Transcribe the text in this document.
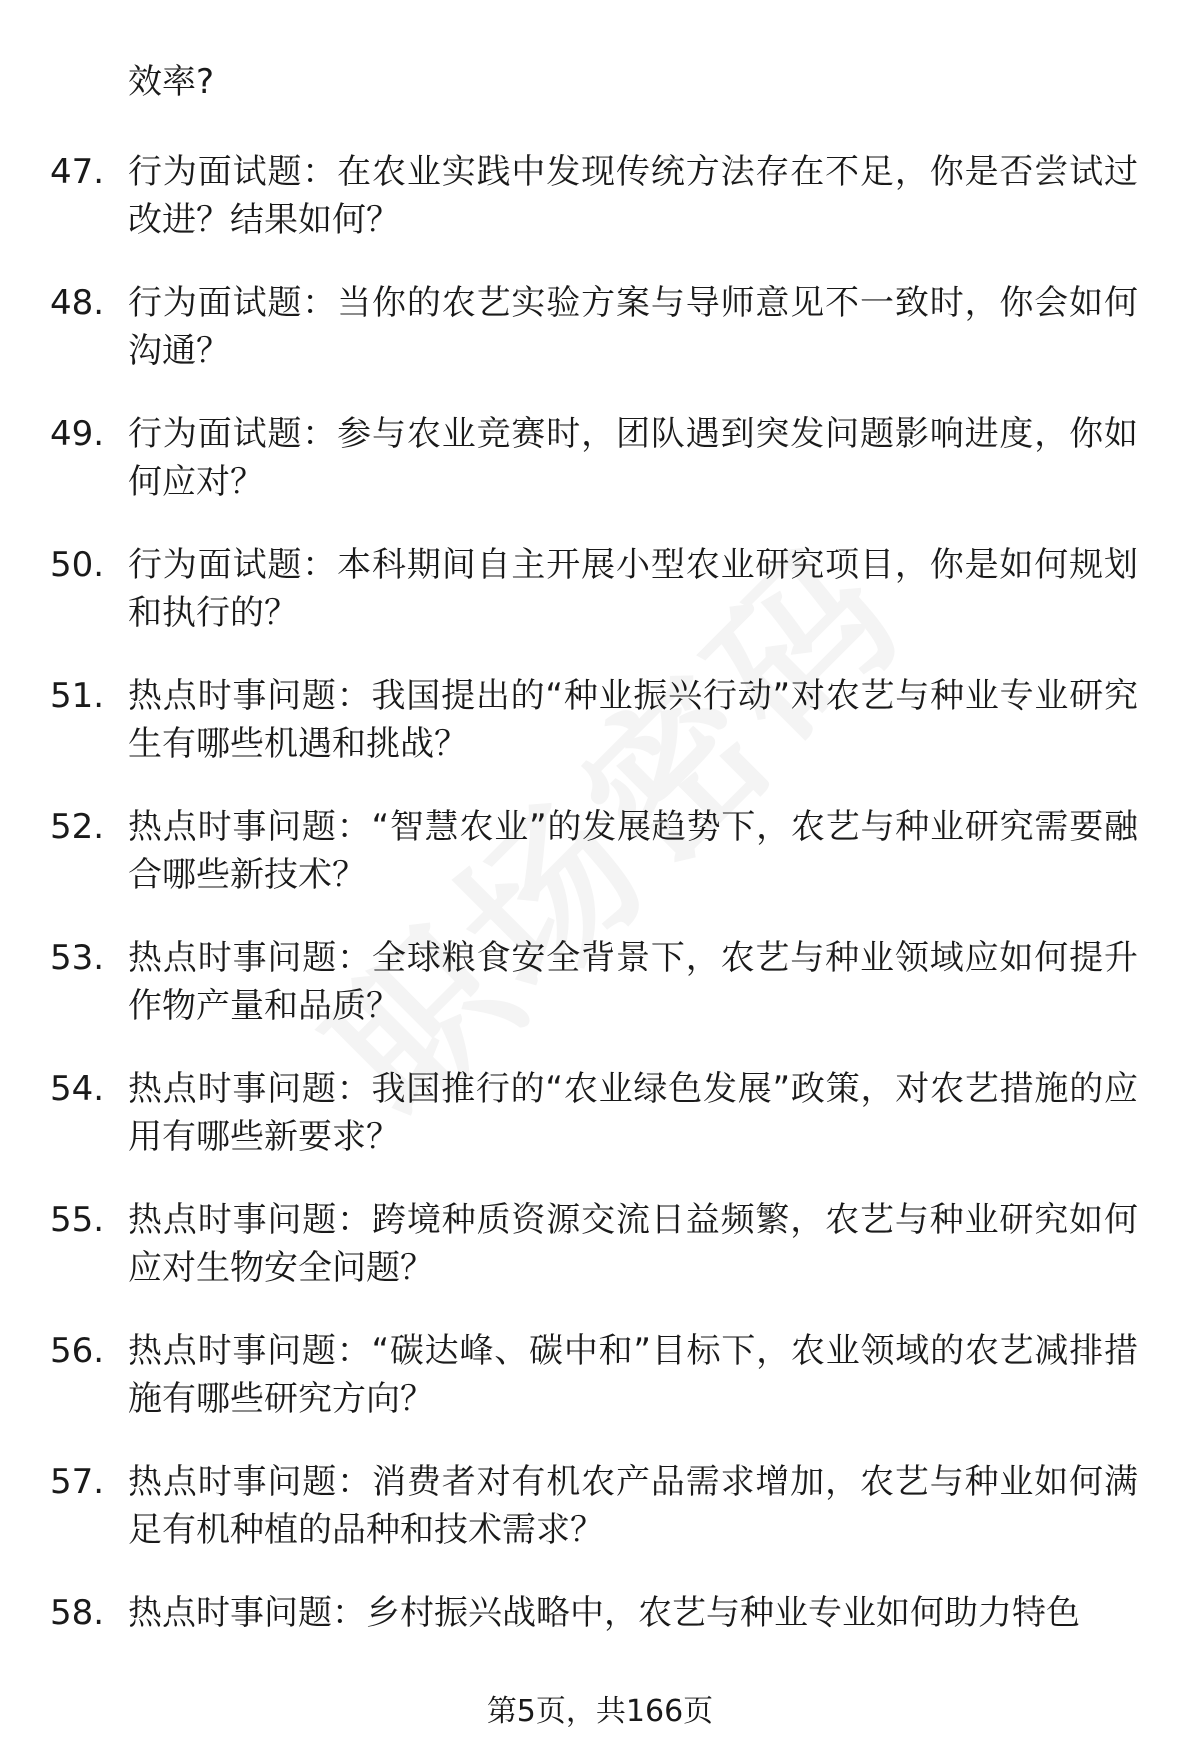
效率?
47. 行为面试题：在农业实践中发现传统方法存在不足，你是否尝试过改进？结果如何？
48. 行为面试题：当你的农艺实验方案与导师意见不一致时，你会如何沟通？
49. 行为面试题：参与农业竞赛时，团队遇到突发问题影响进度，你如何应对？
50. 行为面试题：本科期间自主开展小型农业研究项目，你是如何规划和执行的？
51. 热点时事问题：我国提出的“种业振兴行动”对农艺与种业专业研究生有哪些机遇和挑战？
52. 热点时事问题：“智慧农业”的发展趋势下，农艺与种业研究需要融合哪些新技术？
53. 热点时事问题：全球粮食安全背景下，农艺与种业领域应如何提升作物产量和品质？
54. 热点时事问题：我国推行的“农业绿色发展”政策，对农艺措施的应用有哪些新要求？
55. 热点时事问题：跨境种质资源交流日益频繁，农艺与种业研究如何应对生物安全问题？
56. 热点时事问题：“碳达峰、碳中和”目标下，农业领域的农艺减排措施有哪些研究方向？
57. 热点时事问题：消费者对有机农产品需求增加，农艺与种业如何满足有机种植的品种和技术需求？
58. 热点时事问题：乡村振兴战略中，农艺与种业专业如何助力特色
第5页，共166页
